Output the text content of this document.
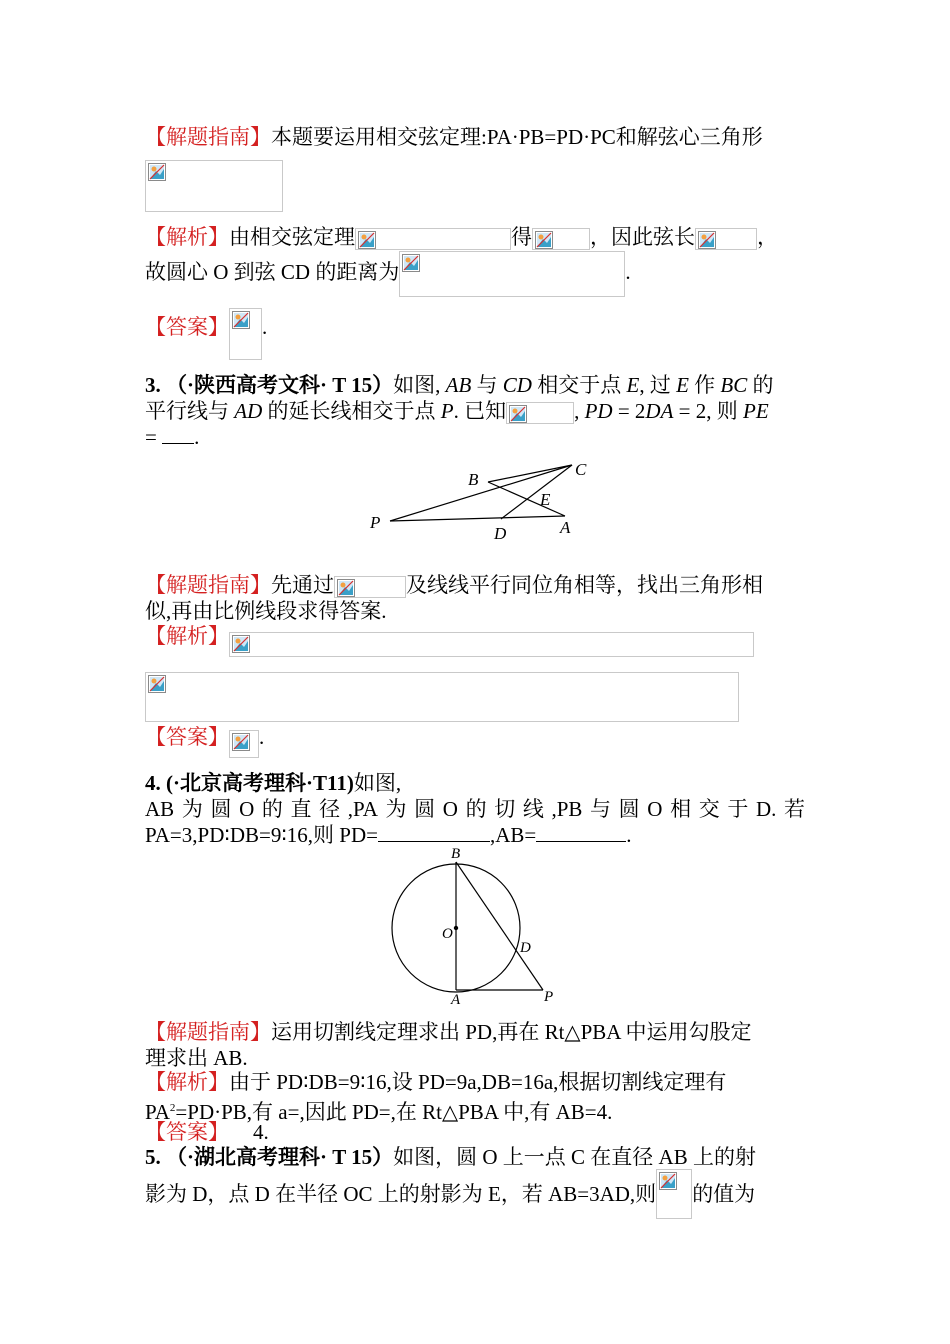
【解题指南】本题要运用相交弦定理:PA·PB=PD·PC和解弦心三角形
【解析】由相交弦定理	得	，因此弦长	，
故圆心 O 到弦 CD 的距离为	.
【答案】 .
3. （·陕西高考文科· T 15）如图, AB 与 CD 相交于点 E, 过 E 作 BC 的
平行线与 AD 的延长线相交于点 P. 已知	, PD = 2DA = 2, 则 PE
= .
B
C
E
P
D	A
【解题指南】先通过	及线线平行同位角相等，找出三角形相
似,再由比例线段求得答案.
【解析】
【答案】 .
4. (·北京高考理科·T11)如图,
AB 为 圆 O 的 直 径 ,PA 为 圆 O 的 切 线 ,PB 与 圆 O 相 交 于 D. 若
PA=3,PD∶DB=9∶16,则 PD=	,AB=	.
B
O
D
A	P
【解题指南】运用切割线定理求出 PD,再在 Rt△PBA 中运用勾股定
理求出 AB.
【解析】由于 PD∶DB=9∶16,设 PD=9a,DB=16a,根据切割线定理有
$PA^2=PD\cdot PB$,有 a=,因此 PD=,在 Rt△PBA 中,有 AB=4.
【答案】 4.
5. （·湖北高考理科· T 15）如图，圆 O 上一点 C 在直径 AB 上的射
影为 D，点 D 在半径 OC 上的射影为 E，若 AB=3AD,则 的值为
